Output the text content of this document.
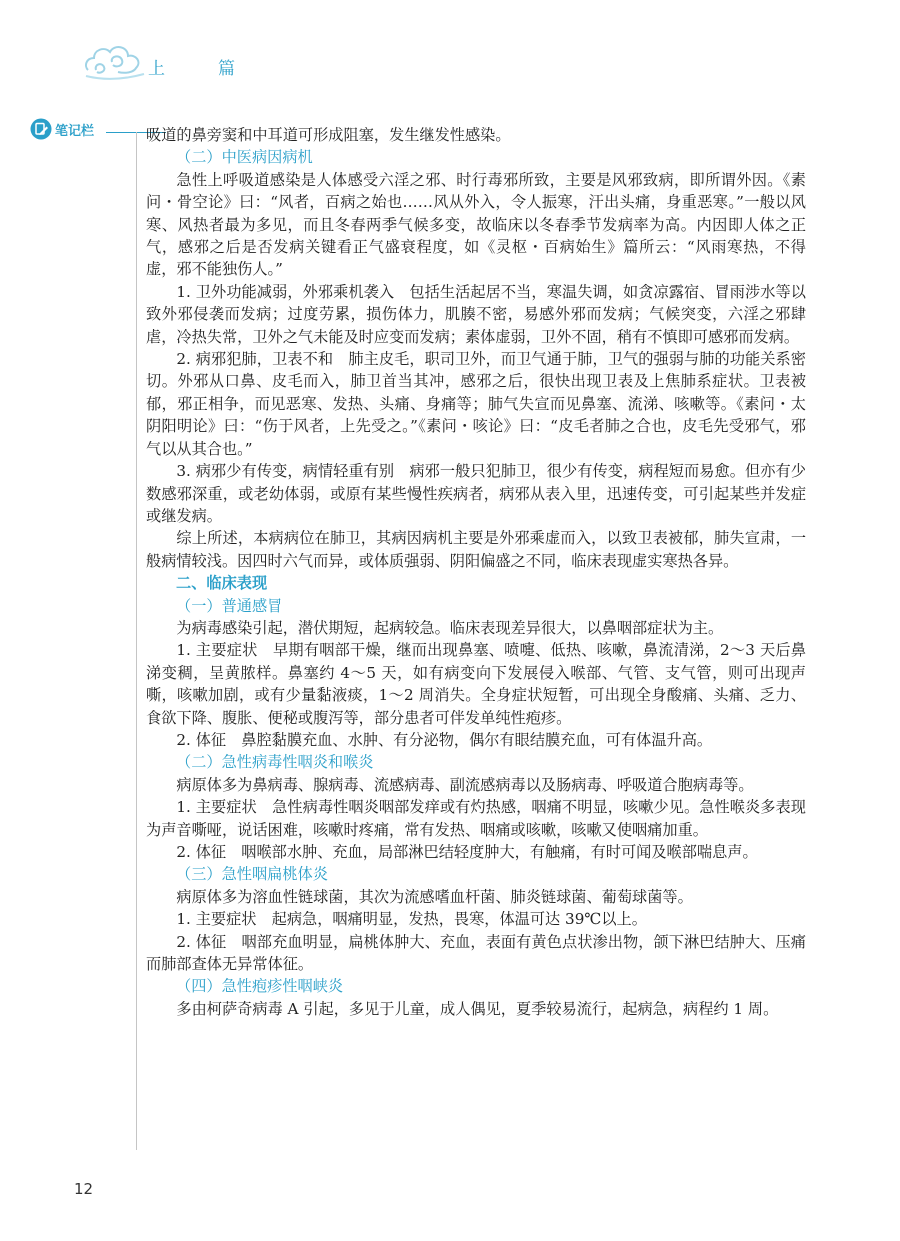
上　篇
笔记栏	吸道的鼻旁窦和中耳道可形成阻塞，发生继发性感染。

（二）中医病因病机

急性上呼吸道感染是人体感受六淫之邪、时行毒邪所致，主要是风邪致病，即所谓外因。《素问・骨空论》曰：“风者，百病之始也……风从外入，令人振寒，汗出头痛，身重恶寒。”一般以风寒、风热者最为多见，而且冬春两季气候多变，故临床以冬春季节发病率为高。内因即人体之正气，感邪之后是否发病关键看正气盛衰程度，如《灵枢・百病始生》篇所云：“风雨寒热，不得虚，邪不能独伤人。”

1. 卫外功能减弱，外邪乘机袭入　包括生活起居不当，寒温失调，如贪凉露宿、冒雨涉水等以致外邪侵袭而发病；过度劳累，损伤体力，肌腠不密，易感外邪而发病；气候突变，六淫之邪肆虐，冷热失常，卫外之气未能及时应变而发病；素体虚弱，卫外不固，稍有不慎即可感邪而发病。

2. 病邪犯肺，卫表不和　肺主皮毛，职司卫外，而卫气通于肺，卫气的强弱与肺的功能关系密切。外邪从口鼻、皮毛而入，肺卫首当其冲，感邪之后，很快出现卫表及上焦肺系症状。卫表被郁，邪正相争，而见恶寒、发热、头痛、身痛等；肺气失宣而见鼻塞、流涕、咳嗽等。《素问・太阴阳明论》曰：“伤于风者，上先受之。”《素问・咳论》曰：“皮毛者肺之合也，皮毛先受邪气，邪气以从其合也。”

3. 病邪少有传变，病情轻重有别　病邪一般只犯肺卫，很少有传变，病程短而易愈。但亦有少数感邪深重，或老幼体弱，或原有某些慢性疾病者，病邪从表入里，迅速传变，可引起某些并发症或继发病。

综上所述，本病病位在肺卫，其病因病机主要是外邪乘虚而入，以致卫表被郁，肺失宣肃，一般病情较浅。因四时六气而异，或体质强弱、阴阳偏盛之不同，临床表现虚实寒热各异。

二、临床表现

（一）普通感冒

为病毒感染引起，潜伏期短，起病较急。临床表现差异很大，以鼻咽部症状为主。

1. 主要症状　早期有咽部干燥，继而出现鼻塞、喷嚏、低热、咳嗽，鼻流清涕，2～3 天后鼻涕变稠，呈黄脓样。鼻塞约 4～5 天，如有病变向下发展侵入喉部、气管、支气管，则可出现声嘶，咳嗽加剧，或有少量黏液痰，1～2 周消失。全身症状短暂，可出现全身酸痛、头痛、乏力、食欲下降、腹胀、便秘或腹泻等，部分患者可伴发单纯性疱疹。

2. 体征　鼻腔黏膜充血、水肿、有分泌物，偶尔有眼结膜充血，可有体温升高。

（二）急性病毒性咽炎和喉炎

病原体多为鼻病毒、腺病毒、流感病毒、副流感病毒以及肠病毒、呼吸道合胞病毒等。

1. 主要症状　急性病毒性咽炎咽部发痒或有灼热感，咽痛不明显，咳嗽少见。急性喉炎多表现为声音嘶哑，说话困难，咳嗽时疼痛，常有发热、咽痛或咳嗽，咳嗽又使咽痛加重。

2. 体征　咽喉部水肿、充血，局部淋巴结轻度肿大，有触痛，有时可闻及喉部喘息声。

（三）急性咽扁桃体炎

病原体多为溶血性链球菌，其次为流感嗜血杆菌、肺炎链球菌、葡萄球菌等。

1. 主要症状　起病急，咽痛明显，发热，畏寒，体温可达 39℃以上。

2. 体征　咽部充血明显，扁桃体肿大、充血，表面有黄色点状渗出物，颌下淋巴结肿大、压痛而肺部查体无异常体征。

（四）急性疱疹性咽峡炎

多由柯萨奇病毒 A 引起，多见于儿童，成人偶见，夏季较易流行，起病急，病程约 1 周。

12
